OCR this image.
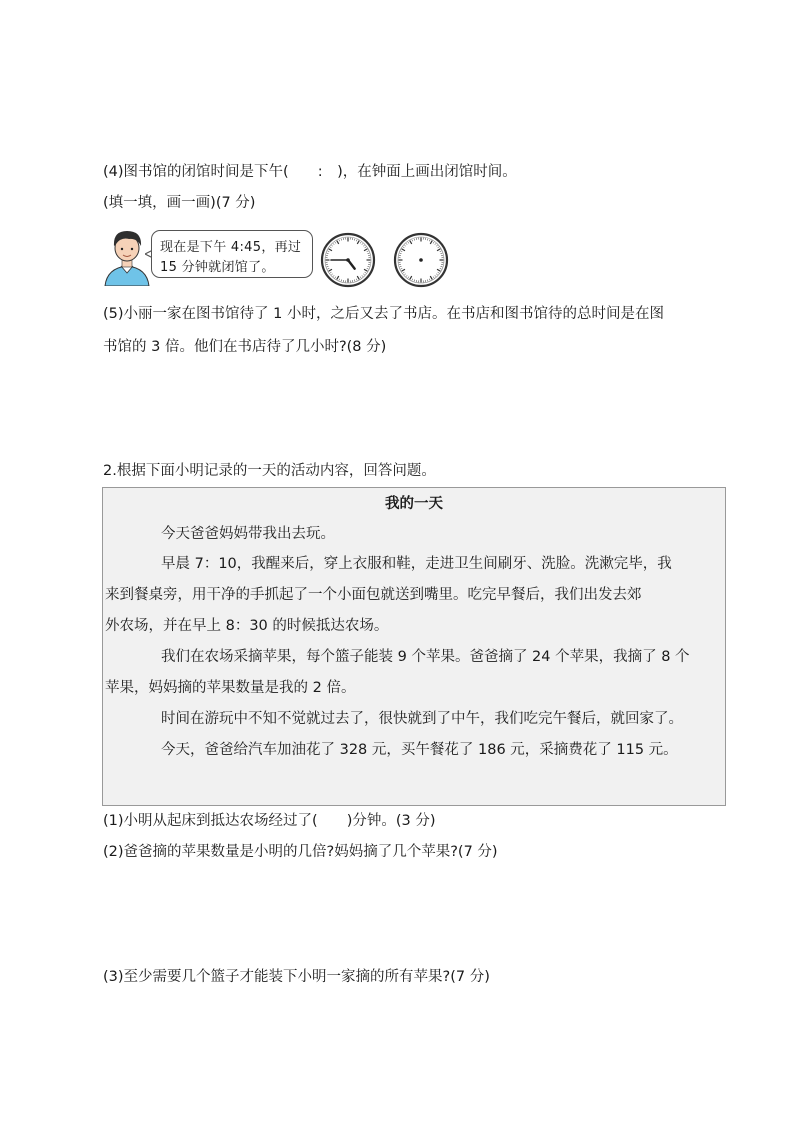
(4)图书馆的闭馆时间是下午(　　:　)，在钟面上画出闭馆时间。
(填一填，画一画)(7 分)
现在是下午 4:45，再过
15 分钟就闭馆了。
(5)小丽一家在图书馆待了 1 小时，之后又去了书店。在书店和图书馆待的总时间是在图
书馆的 3 倍。他们在书店待了几小时?(8 分)
2.根据下面小明记录的一天的活动内容，回答问题。
我的一天
今天爸爸妈妈带我出去玩。
早晨 7：10，我醒来后，穿上衣服和鞋，走进卫生间刷牙、洗脸。洗漱完毕，我
来到餐桌旁，用干净的手抓起了一个小面包就送到嘴里。吃完早餐后，我们出发去郊
外农场，并在早上 8：30 的时候抵达农场。
我们在农场采摘苹果，每个篮子能装 9 个苹果。爸爸摘了 24 个苹果，我摘了 8 个
苹果，妈妈摘的苹果数量是我的 2 倍。
时间在游玩中不知不觉就过去了，很快就到了中午，我们吃完午餐后，就回家了。
今天，爸爸给汽车加油花了 328 元，买午餐花了 186 元，采摘费花了 115 元。
(1)小明从起床到抵达农场经过了(　　)分钟。(3 分)
(2)爸爸摘的苹果数量是小明的几倍?妈妈摘了几个苹果?(7 分)
(3)至少需要几个篮子才能装下小明一家摘的所有苹果?(7 分)
